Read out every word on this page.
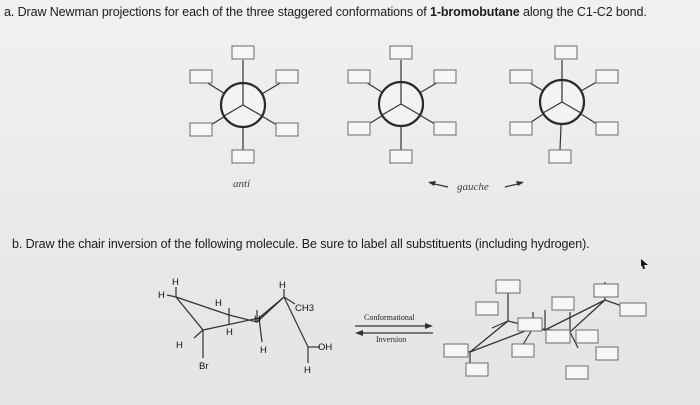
a. Draw Newman projections for each of the three staggered conformations of 1-bromobutane along the C1-C2 bond.
H
H
H
H
H
H
H
H
Br
CH3
OH
H
Conformational
Inversion
anti	gauche
b. Draw the chair inversion of the following molecule. Be sure to label all substituents (including hydrogen).
